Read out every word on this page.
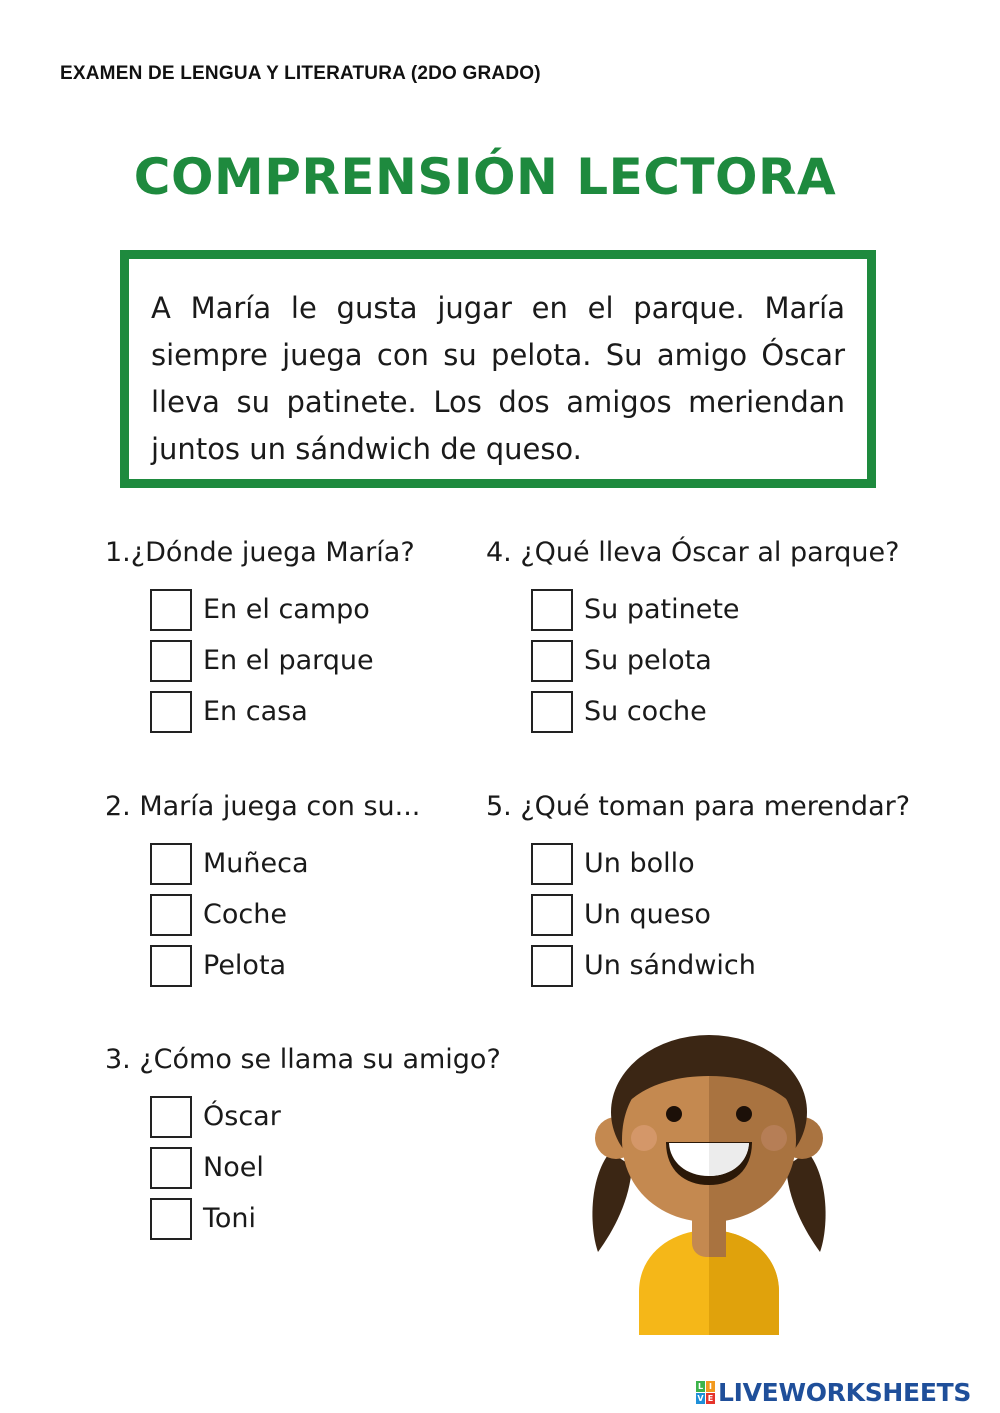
EXAMEN DE LENGUA Y LITERATURA (2DO GRADO)
COMPRENSIÓN LECTORA

A María le gusta jugar en el parque. María siempre juega con su pelota. Su amigo Óscar lleva su patinete. Los dos amigos meriendan juntos un sándwich de queso.

1.¿Dónde juega María?
En el campo
En el parque
En casa
2. María juega con su...
Muñeca
Coche
Pelota
3. ¿Cómo se llama su amigo?
Óscar
Noel
Toni
4. ¿Qué lleva Óscar al parque?
Su patinete
Su pelota
Su coche
5. ¿Qué toman para merendar?
Un bollo
Un queso
Un sándwich
L I
V E LIVEWORKSHEETS
